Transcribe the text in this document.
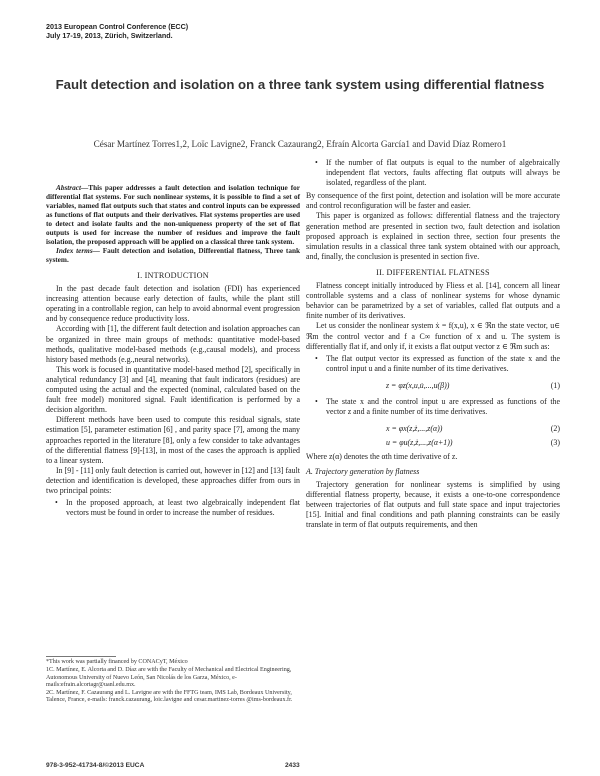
2013 European Control Conference (ECC)
July 17-19, 2013, Zürich, Switzerland.
Fault detection and isolation on a three tank system using differential flatness
César Martínez Torres1,2, Loïc Lavigne2, Franck Cazaurang2, Efraín Alcorta García1 and David Díaz Romero1

Abstract—This paper addresses a fault detection and isolation technique for differential flat systems. For such nonlinear systems, it is possible to find a set of variables, named flat outputs such that states and control inputs can be expressed as functions of flat outputs and their derivatives. Flat systems properties are used to detect and isolate faults and the non-uniqueness property of the set of flat outputs is used for increase the number of residues and improve the fault isolation, the proposed approach will be applied on a classical three tank system.

Index terms— Fault detection and isolation, Differential flatness, Three tank system.

I. INTRODUCTION

In the past decade fault detection and isolation (FDI) has experienced increasing attention because early detection of faults, while the plant still operating in a controllable region, can help to avoid abnormal event progression and by consequence reduce productivity loss.

According with [1], the different fault detection and isolation approaches can be organized in three main groups of methods: quantitative model-based methods, qualitative model-based methods (e.g.,causal models), and process history based methods (e.g.,neural networks).

This work is focused in quantitative model-based method [2], specifically in analytical redundancy [3] and [4], meaning that fault indicators (residues) are computed using the actual and the expected (nominal, calculated based on the fault free model) monitored signal. Fault identification is performed by a decision algorithm.

Different methods have been used to compute this residual signals, state estimation [5], parameter estimation [6] , and parity space [7], among the many approaches reported in the literature [8], only a few consider to take advantages of the differential flatness [9]-[13], in most of the cases the approach is applied to a linear system.

In [9] - [11] only fault detection is carried out, however in [12] and [13] fault detection and identification is developed, these approaches differ from ours in two principal points:

• In the proposed approach, at least two algebraically independent flat vectors must be found in order to increase the number of residues.

*This work was partially financed by CONACyT, México

1C. Martínez, E. Alcorta and D. Díaz are with the Faculty of Mechanical and Electrical Engineering, Autonomous University of Nuevo León, San Nicolás de los Garza, México, e-mails:efrain.alcortagr@uanl.edu.mx.

2C. Martínez, F. Cazaurang and L. Lavigne are with the FFTG team, IMS Lab, Bordeaux University, Talence, France, e-mails: franck.cazaurang, loic.lavigne and cesar.martinez-torres @ims-bordeaux.fr.

• If the number of flat outputs is equal to the number of algebraically independent flat vectors, faults affecting flat outputs will always be isolated, regardless of the plant.

By consequence of the first point, detection and isolation will be more accurate and control reconfiguration will be faster and easier.

This paper is organized as follows: differential flatness and the trajectory generation method are presented in section two, fault detection and isolation proposed approach is explained in section three, section four presents the simulation results in a classical three tank system obtained with our approach, and, finally, the conclusion is presented in section five.

II. DIFFERENTIAL FLATNESS

Flatness concept initially introduced by Fliess et al. [14], concern all linear controllable systems and a class of nonlinear systems for whose dynamic behavior can be parametrized by a set of variables, called flat outputs and a finite number of its derivatives.

Let us consider the nonlinear system ẋ = f(x,u), x ∈ ℜn the state vector, u∈ ℜm the control vector and f a C∞ function of x and u. The system is differentially flat if, and only if, it exists a flat output vector z ∈ ℜm such as:

• The flat output vector its expressed as function of the state x and the control input u and a finite number of its time derivatives.
z = φz(x,u,u̇,...,u(β))	(1)
• The state x and the control input u are expressed as functions of the vector z and a finite number of its time derivatives.
x = φx(z,ż,...,z(α))	(2)
u = φu(z,ż,...,z(α+1))	(3)

Where z(α) denotes the αth time derivative of z.

A. Trajectory generation by flatness

Trajectory generation for nonlinear systems is simplified by using differential flatness property, because, it exists a one-to-one correspondence between trajectories of flat outputs and full state space and input trajectories [15]. Initial and final conditions and path planning constraints can be easily translate in term of flat outputs requirements, and then

978-3-952-41734-8/©2013 EUCA	2433
